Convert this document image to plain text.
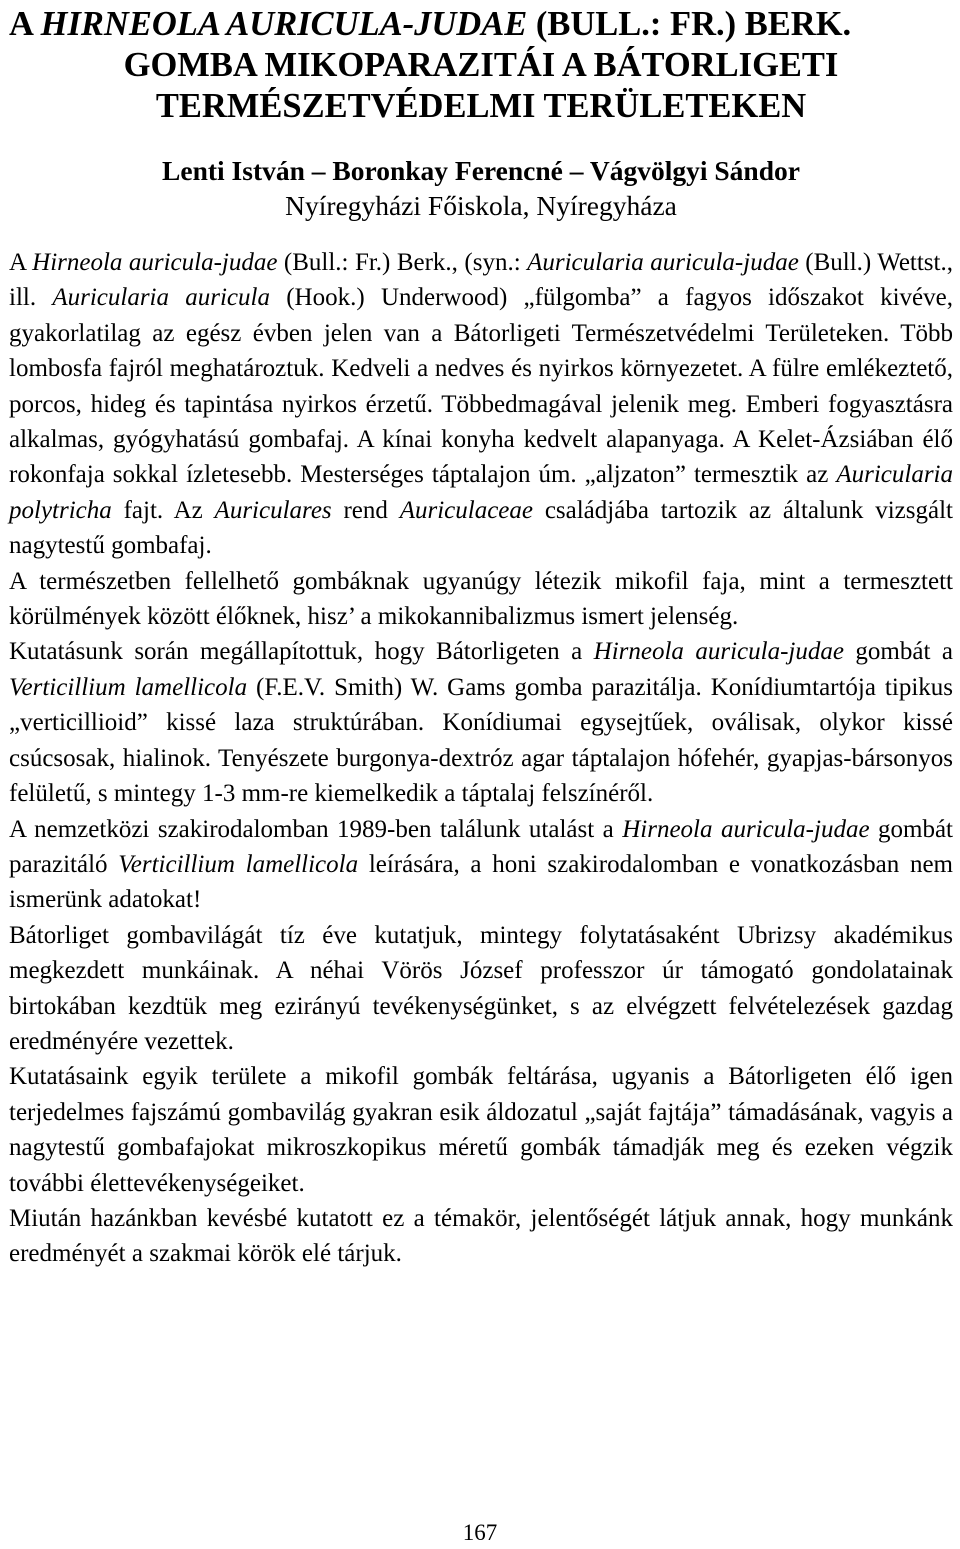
A HIRNEOLA AURICULA-JUDAE (BULL.: FR.) BERK.
GOMBA MIKOPARAZITÁI A BÁTORLIGETI
TERMÉSZETVÉDELMI TERÜLETEKEN

Lenti István – Boronkay Ferencné – Vágvölgyi Sándor

Nyíregyházi Főiskola, Nyíregyháza

A Hirneola auricula-judae (Bull.: Fr.) Berk., (syn.: Auricularia auricula-judae (Bull.) Wettst., ill. Auricularia auricula (Hook.) Underwood) „fülgomba” a fagyos időszakot kivéve, gyakorlatilag az egész évben jelen van a Bátorligeti Természetvédelmi Területeken. Több lombosfa fajról meghatároztuk. Kedveli a nedves és nyirkos környezetet. A fülre emlékeztető, porcos, hideg és tapintása nyirkos érzetű. Többedmagával jelenik meg. Emberi fogyasztásra alkalmas, gyógyhatású gombafaj. A kínai konyha kedvelt alapanyaga. A Kelet-Ázsiában élő rokonfaja sokkal ízletesebb. Mesterséges táptalajon úm. „aljzaton” termesztik az Auricularia polytricha fajt. Az Auriculares rend Auriculaceae családjába tartozik az általunk vizsgált nagytestű gombafaj.

A természetben fellelhető gombáknak ugyanúgy létezik mikofil faja, mint a termesztett körülmények között élőknek, hisz’ a mikokannibalizmus ismert jelenség.

Kutatásunk során megállapítottuk, hogy Bátorligeten a Hirneola auricula-judae gombát a Verticillium lamellicola (F.E.V. Smith) W. Gams gomba parazitálja. Konídiumtartója tipikus „verticillioid” kissé laza struktúrában. Konídiumai egysejtűek, oválisak, olykor kissé csúcsosak, hialinok. Tenyészete burgonya-dextróz agar táptalajon hófehér, gyapjas-bársonyos felületű, s mintegy 1-3 mm-re kiemelkedik a táptalaj felszínéről.

A nemzetközi szakirodalomban 1989-ben találunk utalást a Hirneola auricula-judae gombát parazitáló Verticillium lamellicola leírására, a honi szakirodalomban e vonatkozásban nem ismerünk adatokat!

Bátorliget gombavilágát tíz éve kutatjuk, mintegy folytatásaként Ubrizsy akadémikus megkezdett munkáinak. A néhai Vörös József professzor úr támogató gondolatainak birtokában kezdtük meg ezirányú tevékenységünket, s az elvégzett felvételezések gazdag eredményére vezettek.

Kutatásaink egyik területe a mikofil gombák feltárása, ugyanis a Bátorligeten élő igen terjedelmes fajszámú gombavilág gyakran esik áldozatul „saját fajtája” támadásának, vagyis a nagytestű gombafajokat mikroszkopikus méretű gombák támadják meg és ezeken végzik további élettevékenységeiket.

Miután hazánkban kevésbé kutatott ez a témakör, jelentőségét látjuk annak, hogy munkánk eredményét a szakmai körök elé tárjuk.

167
